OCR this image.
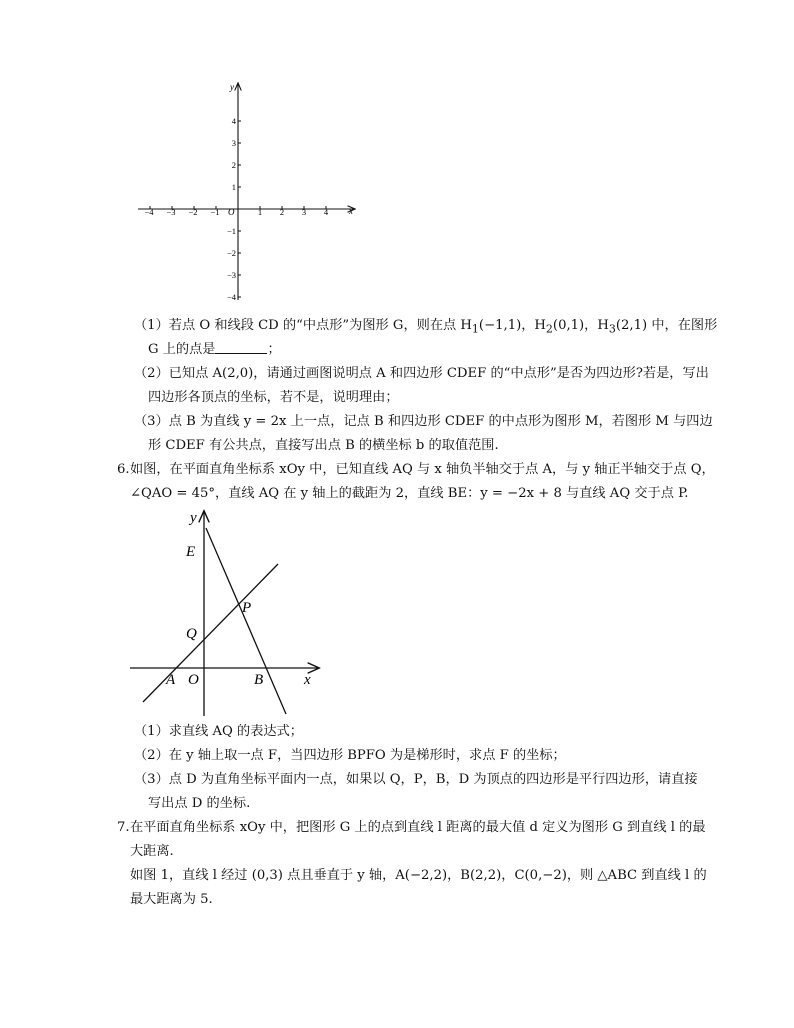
x
y
O
−4 −3 −2 −1	1 2 3 4
4
3
2
1
−1
−2
−3
−4
（1）若点 O 和线段 CD 的“中点形”为图形 G，则在点 $H_1(-1,1)$，$H_2(0,1)$，$H_3(2,1)$ 中，在图形
G 上的点是	；
（2）已知点 A(2,0)，请通过画图说明点 A 和四边形 CDEF 的“中点形”是否为四边形?若是，写出
四边形各顶点的坐标，若不是，说明理由；
（3）点 B 为直线 y = 2x 上一点，记点 B 和四边形 CDEF 的中点形为图形 M，若图形 M 与四边
形 CDEF 有公共点，直接写出点 B 的横坐标 b 的取值范围.
6. 如图，在平面直角坐标系 xOy 中，已知直线 AQ 与 x 轴负半轴交于点 A，与 y 轴正半轴交于点 Q，
∠QAO = 45°，直线 AQ 在 y 轴上的截距为 2，直线 BE：y = −2x + 8 与直线 AQ 交于点 P.
y
x
E
P
Q
A O	B
（1）求直线 AQ 的表达式；
（2）在 y 轴上取一点 F，当四边形 BPFO 为是梯形时，求点 F 的坐标；
（3）点 D 为直角坐标平面内一点，如果以 Q，P，B，D 为顶点的四边形是平行四边形，请直接
写出点 D 的坐标.
7. 在平面直角坐标系 xOy 中，把图形 G 上的点到直线 l 距离的最大值 d 定义为图形 G 到直线 l 的最
大距离.
如图 1，直线 l 经过 (0,3) 点且垂直于 y 轴，A(−2,2)，B(2,2)，C(0,−2)，则 △ABC 到直线 l 的
最大距离为 5.
